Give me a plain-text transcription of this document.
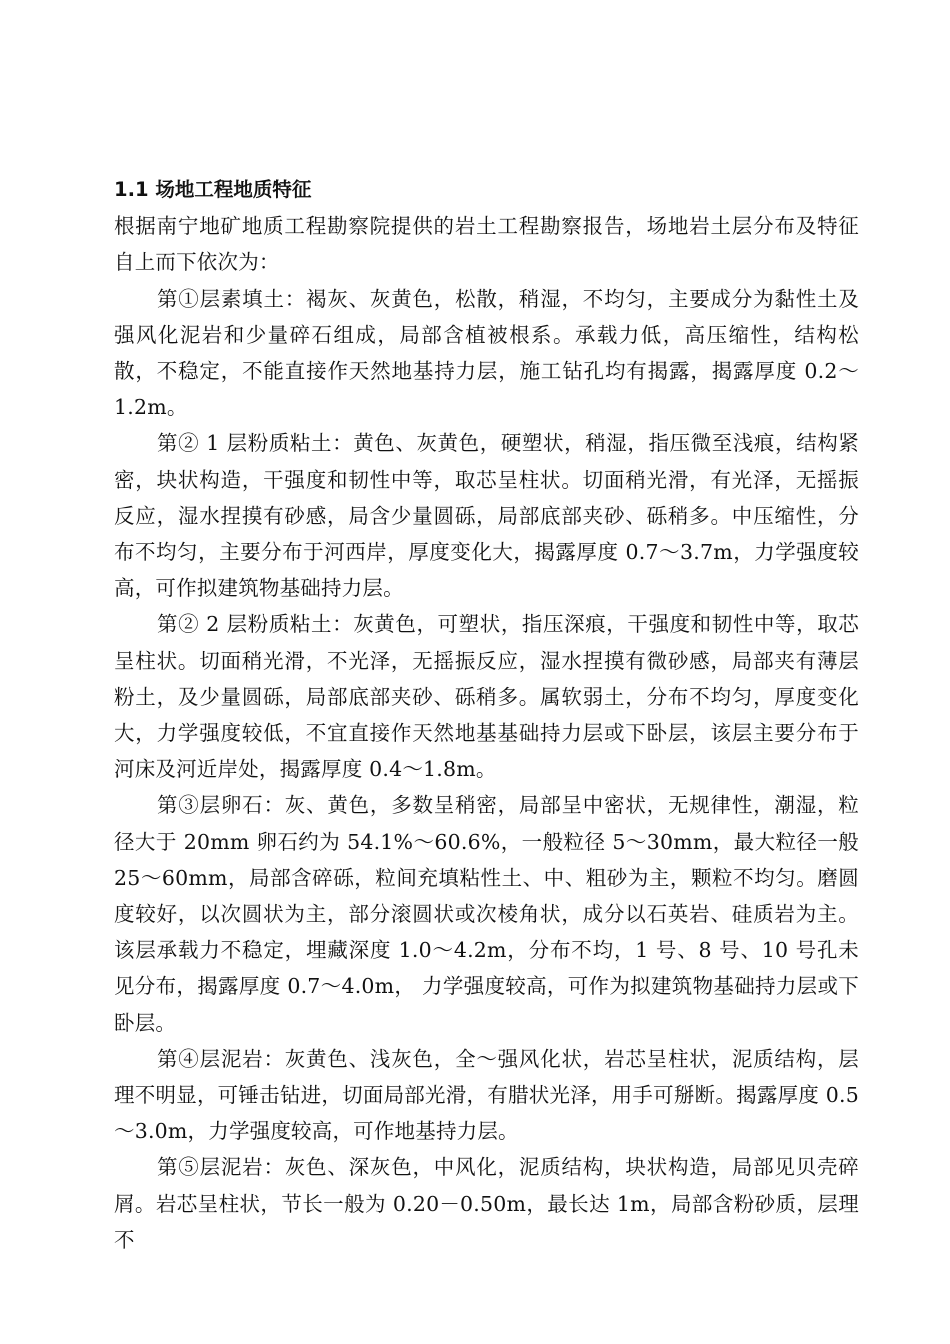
1.1 场地工程地质特征

根据南宁地矿地质工程勘察院提供的岩土工程勘察报告，场地岩土层分布及特征自上而下依次为：

第①层素填土：褐灰、灰黄色，松散，稍湿，不均匀，主要成分为黏性土及强风化泥岩和少量碎石组成，局部含植被根系。承载力低，高压缩性，结构松散，不稳定，不能直接作天然地基持力层，施工钻孔均有揭露，揭露厚度 0.2～1.2m。

第② 1 层粉质粘土：黄色、灰黄色，硬塑状，稍湿，指压微至浅痕，结构紧密，块状构造，干强度和韧性中等，取芯呈柱状。切面稍光滑，有光泽，无摇振反应，湿水捏摸有砂感，局含少量圆砾，局部底部夹砂、砾稍多。中压缩性，分布不均匀，主要分布于河西岸，厚度变化大，揭露厚度 0.7～3.7m，力学强度较高，可作拟建筑物基础持力层。

第② 2 层粉质粘土：灰黄色，可塑状，指压深痕，干强度和韧性中等，取芯呈柱状。切面稍光滑，不光泽，无摇振反应，湿水捏摸有微砂感，局部夹有薄层粉土，及少量圆砾，局部底部夹砂、砾稍多。属软弱土，分布不均匀，厚度变化大，力学强度较低，不宜直接作天然地基基础持力层或下卧层，该层主要分布于河床及河近岸处，揭露厚度 0.4～1.8m。

第③层卵石：灰、黄色，多数呈稍密，局部呈中密状，无规律性，潮湿，粒径大于 20mm 卵石约为 54.1%～60.6%，一般粒径 5～30mm，最大粒径一般 25～60mm，局部含碎砾，粒间充填粘性土、中、粗砂为主，颗粒不均匀。磨圆度较好，以次圆状为主，部分滚圆状或次棱角状，成分以石英岩、硅质岩为主。该层承载力不稳定，埋藏深度 1.0～4.2m，分布不均，1 号、8 号、10 号孔未见分布，揭露厚度 0.7～4.0m， 力学强度较高，可作为拟建筑物基础持力层或下卧层。

第④层泥岩：灰黄色、浅灰色，全～强风化状，岩芯呈柱状，泥质结构，层理不明显，可锤击钻进，切面局部光滑，有腊状光泽，用手可掰断。揭露厚度 0.5～3.0m，力学强度较高，可作地基持力层。

第⑤层泥岩：灰色、深灰色，中风化，泥质结构，块状构造，局部见贝壳碎屑。岩芯呈柱状，节长一般为 0.20－0.50m，最长达 1m，局部含粉砂质，层理不
